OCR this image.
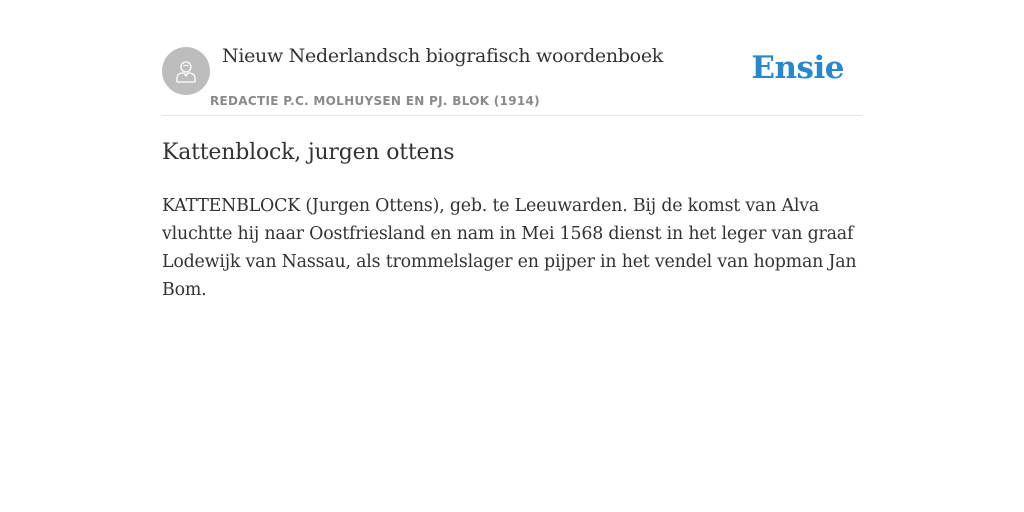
Nieuw Nederlandsch biografisch woordenboek
REDACTIE P.C. MOLHUYSEN EN PJ. BLOK (1914)
Ensie
Kattenblock, jurgen ottens

KATTENBLOCK (Jurgen Ottens), geb. te Leeuwarden. Bij de komst van Alva vluchtte hij naar Oostfriesland en nam in Mei 1568 dienst in het leger van graaf Lodewijk van Nassau, als trommelslager en pijper in het vendel van hopman Jan Bom.
